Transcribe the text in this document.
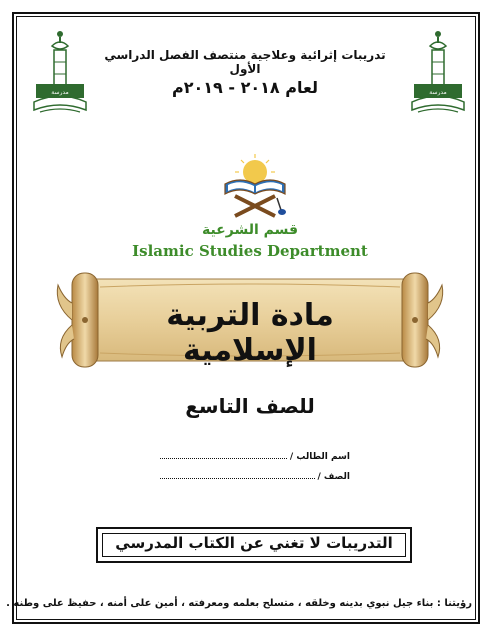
مدرسة	مدرسة
تدريبات إثرائية وعلاجية منتصف الفصل الدراسي الأول
لعام ٢٠١٨ - ٢٠١٩م
قسم الشرعية
Islamic Studies Department
مادة التربية الإسلامية
للصف التاسع
اسم الطالب /
الصف /
التدريبات لا تغني عن الكتاب المدرسي
رؤيتنا : بناء جيل نبوي بدينه وخلقه ، متسلح بعلمه ومعرفته ، أمين على أمنه ، حفيظ على وطنه .
